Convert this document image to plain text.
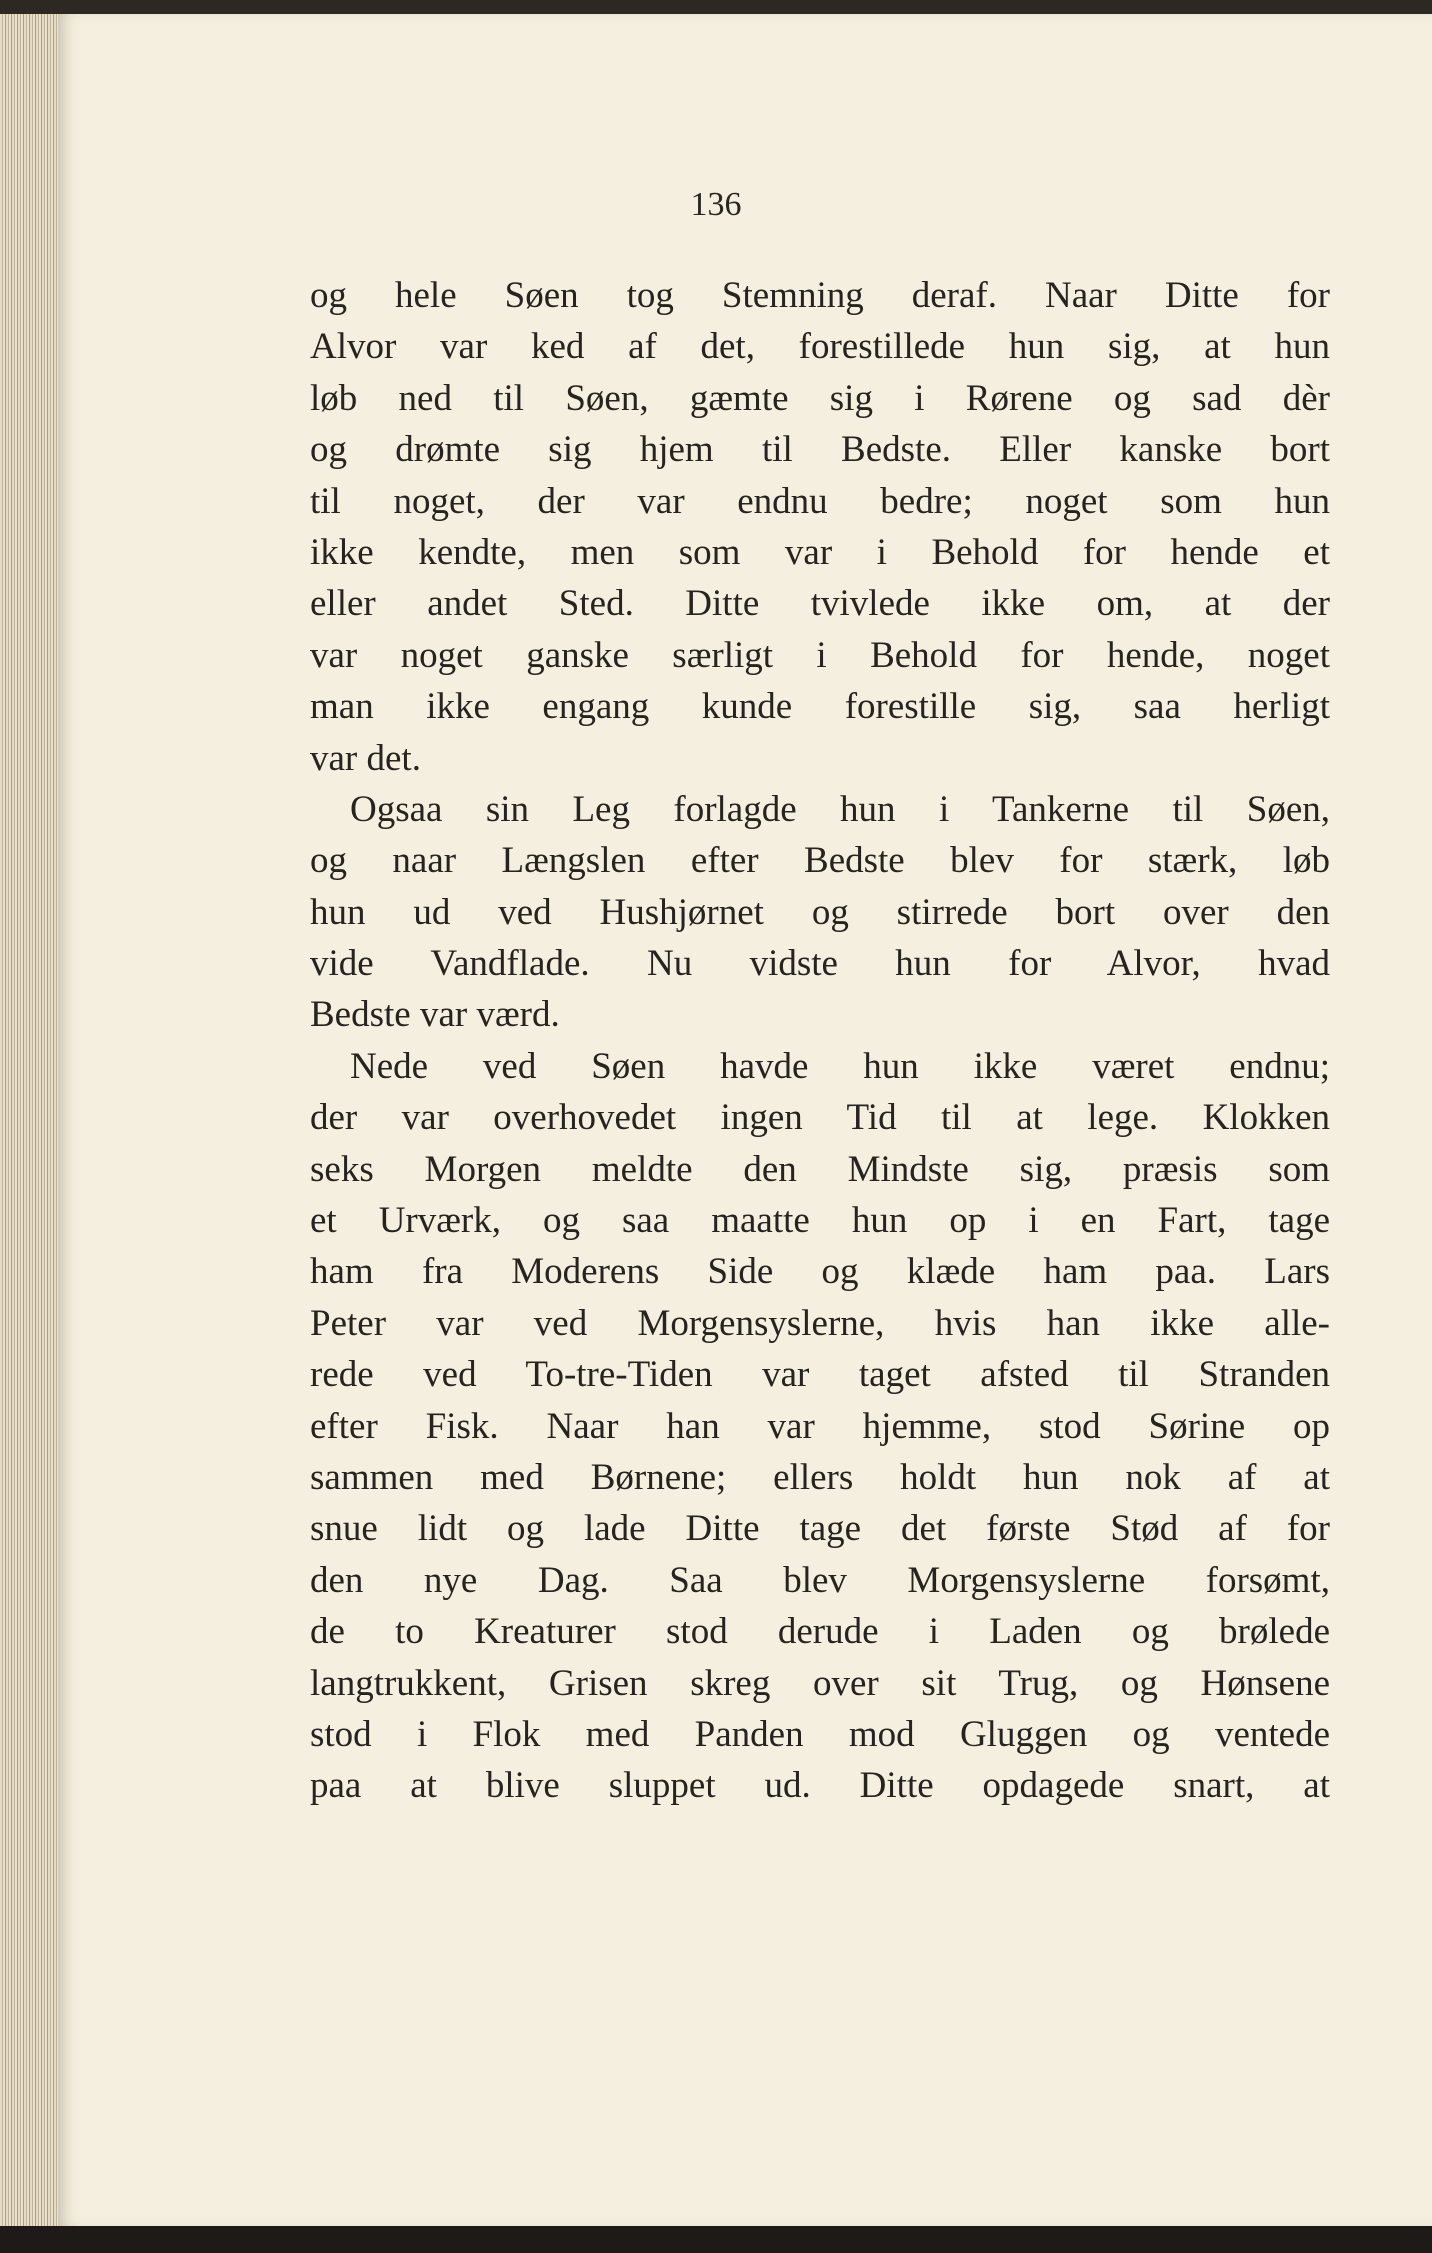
136
og hele Søen tog Stemning deraf. Naar Ditte for
Alvor var ked af det, forestillede hun sig, at hun
løb ned til Søen, gæmte sig i Rørene og sad dèr
og drømte sig hjem til Bedste. Eller kanske bort
til noget, der var endnu bedre; noget som hun
ikke kendte, men som var i Behold for hende et
eller andet Sted. Ditte tvivlede ikke om, at der
var noget ganske særligt i Behold for hende, noget
man ikke engang kunde forestille sig, saa herligt
var det.
Ogsaa sin Leg forlagde hun i Tankerne til Søen,
og naar Længslen efter Bedste blev for stærk, løb
hun ud ved Hushjørnet og stirrede bort over den
vide Vandflade. Nu vidste hun for Alvor, hvad
Bedste var værd.
Nede ved Søen havde hun ikke været endnu;
der var overhovedet ingen Tid til at lege. Klokken
seks Morgen meldte den Mindste sig, præsis som
et Urværk, og saa maatte hun op i en Fart, tage
ham fra Moderens Side og klæde ham paa. Lars
Peter var ved Morgensyslerne, hvis han ikke alle-
rede ved To-tre-Tiden var taget afsted til Stranden
efter Fisk. Naar han var hjemme, stod Sørine op
sammen med Børnene; ellers holdt hun nok af at
snue lidt og lade Ditte tage det første Stød af for
den nye Dag. Saa blev Morgensyslerne forsømt,
de to Kreaturer stod derude i Laden og brølede
langtrukkent, Grisen skreg over sit Trug, og Hønsene
stod i Flok med Panden mod Gluggen og ventede
paa at blive sluppet ud. Ditte opdagede snart, at
